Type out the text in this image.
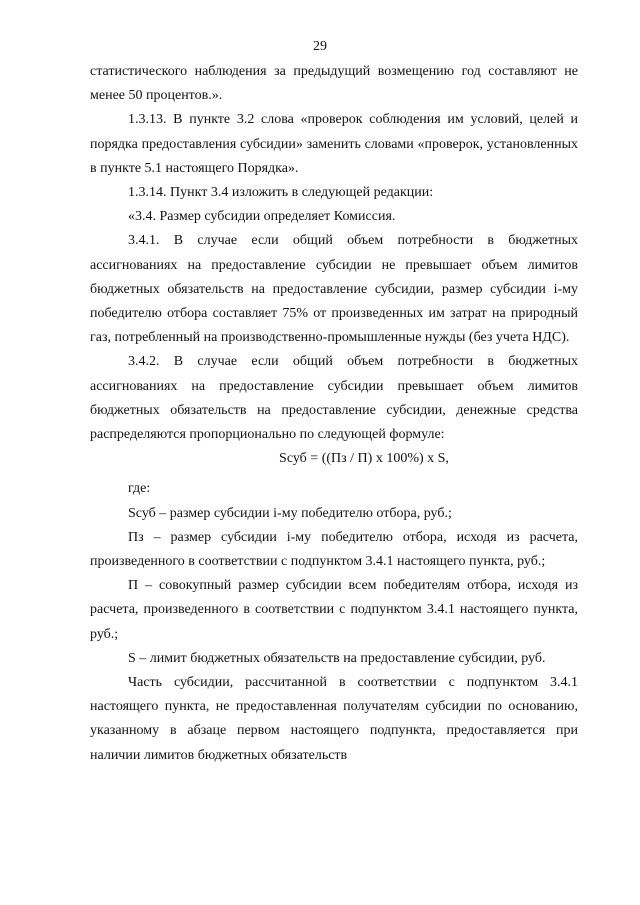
29

статистического наблюдения за предыдущий возмещению год составляют не менее 50 процентов.».

1.3.13. В пункте 3.2 слова «проверок соблюдения им условий, целей и порядка предоставления субсидии» заменить словами «проверок, установленных в пункте 5.1 настоящего Порядка».

1.3.14. Пункт 3.4 изложить в следующей редакции:

«3.4. Размер субсидии определяет Комиссия.

3.4.1. В случае если общий объем потребности в бюджетных ассигнованиях на предоставление субсидии не превышает объем лимитов бюджетных обязательств на предоставление субсидии, размер субсидии i-му победителю отбора составляет 75% от произведенных им затрат на природный газ, потребленный на производственно-промышленные нужды (без учета НДС).

3.4.2. В случае если общий объем потребности в бюджетных ассигнованиях на предоставление субсидии превышает объем лимитов бюджетных обязательств на предоставление субсидии, денежные средства распределяются пропорционально по следующей формуле:

Sсуб = ((Пз / П) х 100%) х S,

где:

Sсуб – размер субсидии i-му победителю отбора, руб.;

Пз – размер субсидии i-му победителю отбора, исходя из расчета, произведенного в соответствии с подпунктом 3.4.1 настоящего пункта, руб.;

П – совокупный размер субсидии всем победителям отбора, исходя из расчета, произведенного в соответствии с подпунктом 3.4.1 настоящего пункта, руб.;

S – лимит бюджетных обязательств на предоставление субсидии, руб.

Часть субсидии, рассчитанной в соответствии с подпунктом 3.4.1 настоящего пункта, не предоставленная получателям субсидии по основанию, указанному в абзаце первом настоящего подпункта, предоставляется при наличии лимитов бюджетных обязательств
